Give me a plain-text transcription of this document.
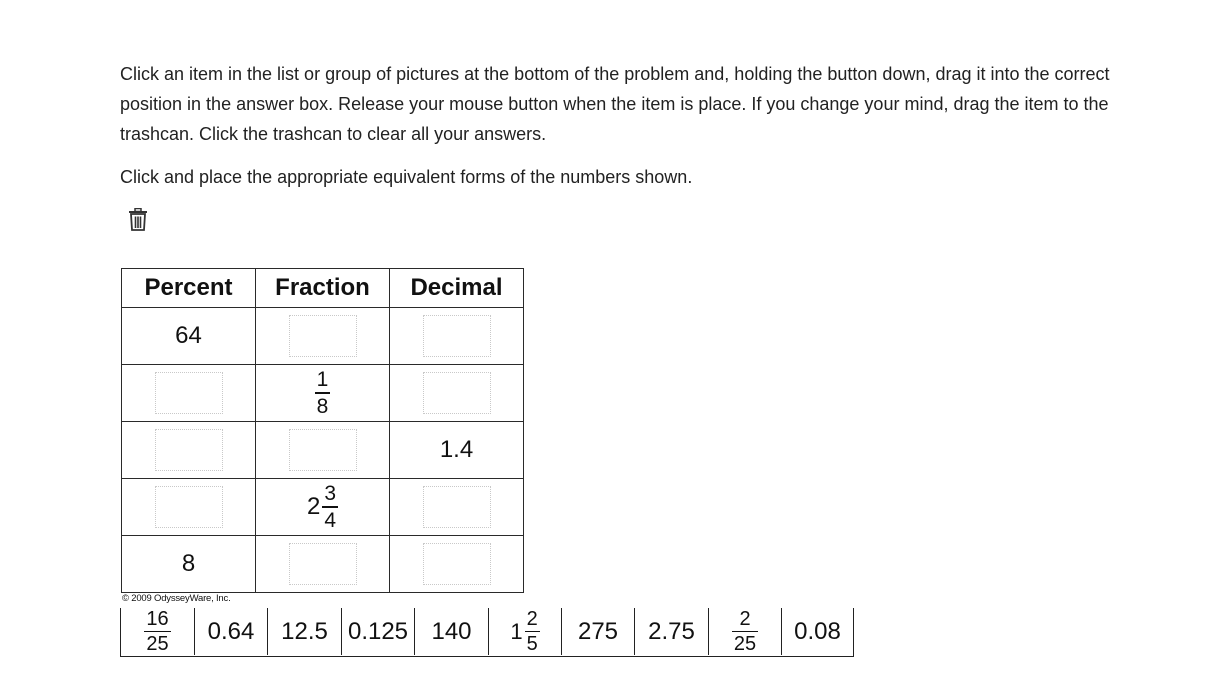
Click an item in the list or group of pictures at the bottom of the problem and, holding the button down, drag it into the correct position in the answer box. Release your mouse button when the item is place. If you change your mind, drag the item to the trashcan. Click the trashcan to clear all your answers.

Click and place the appropriate equivalent forms of the numbers shown.

Percent	Fraction	Decimal
64		

	$\frac{1}{8}$

		1.4

	$2 \frac{3}{4}$

8		
© 2009 OdysseyWare, Inc.
$\frac{16}{25}$	0.64	12.5 0.125 140	$1 \frac{2}{5}$	275	2.75	$\frac{2}{25}$	0.08
